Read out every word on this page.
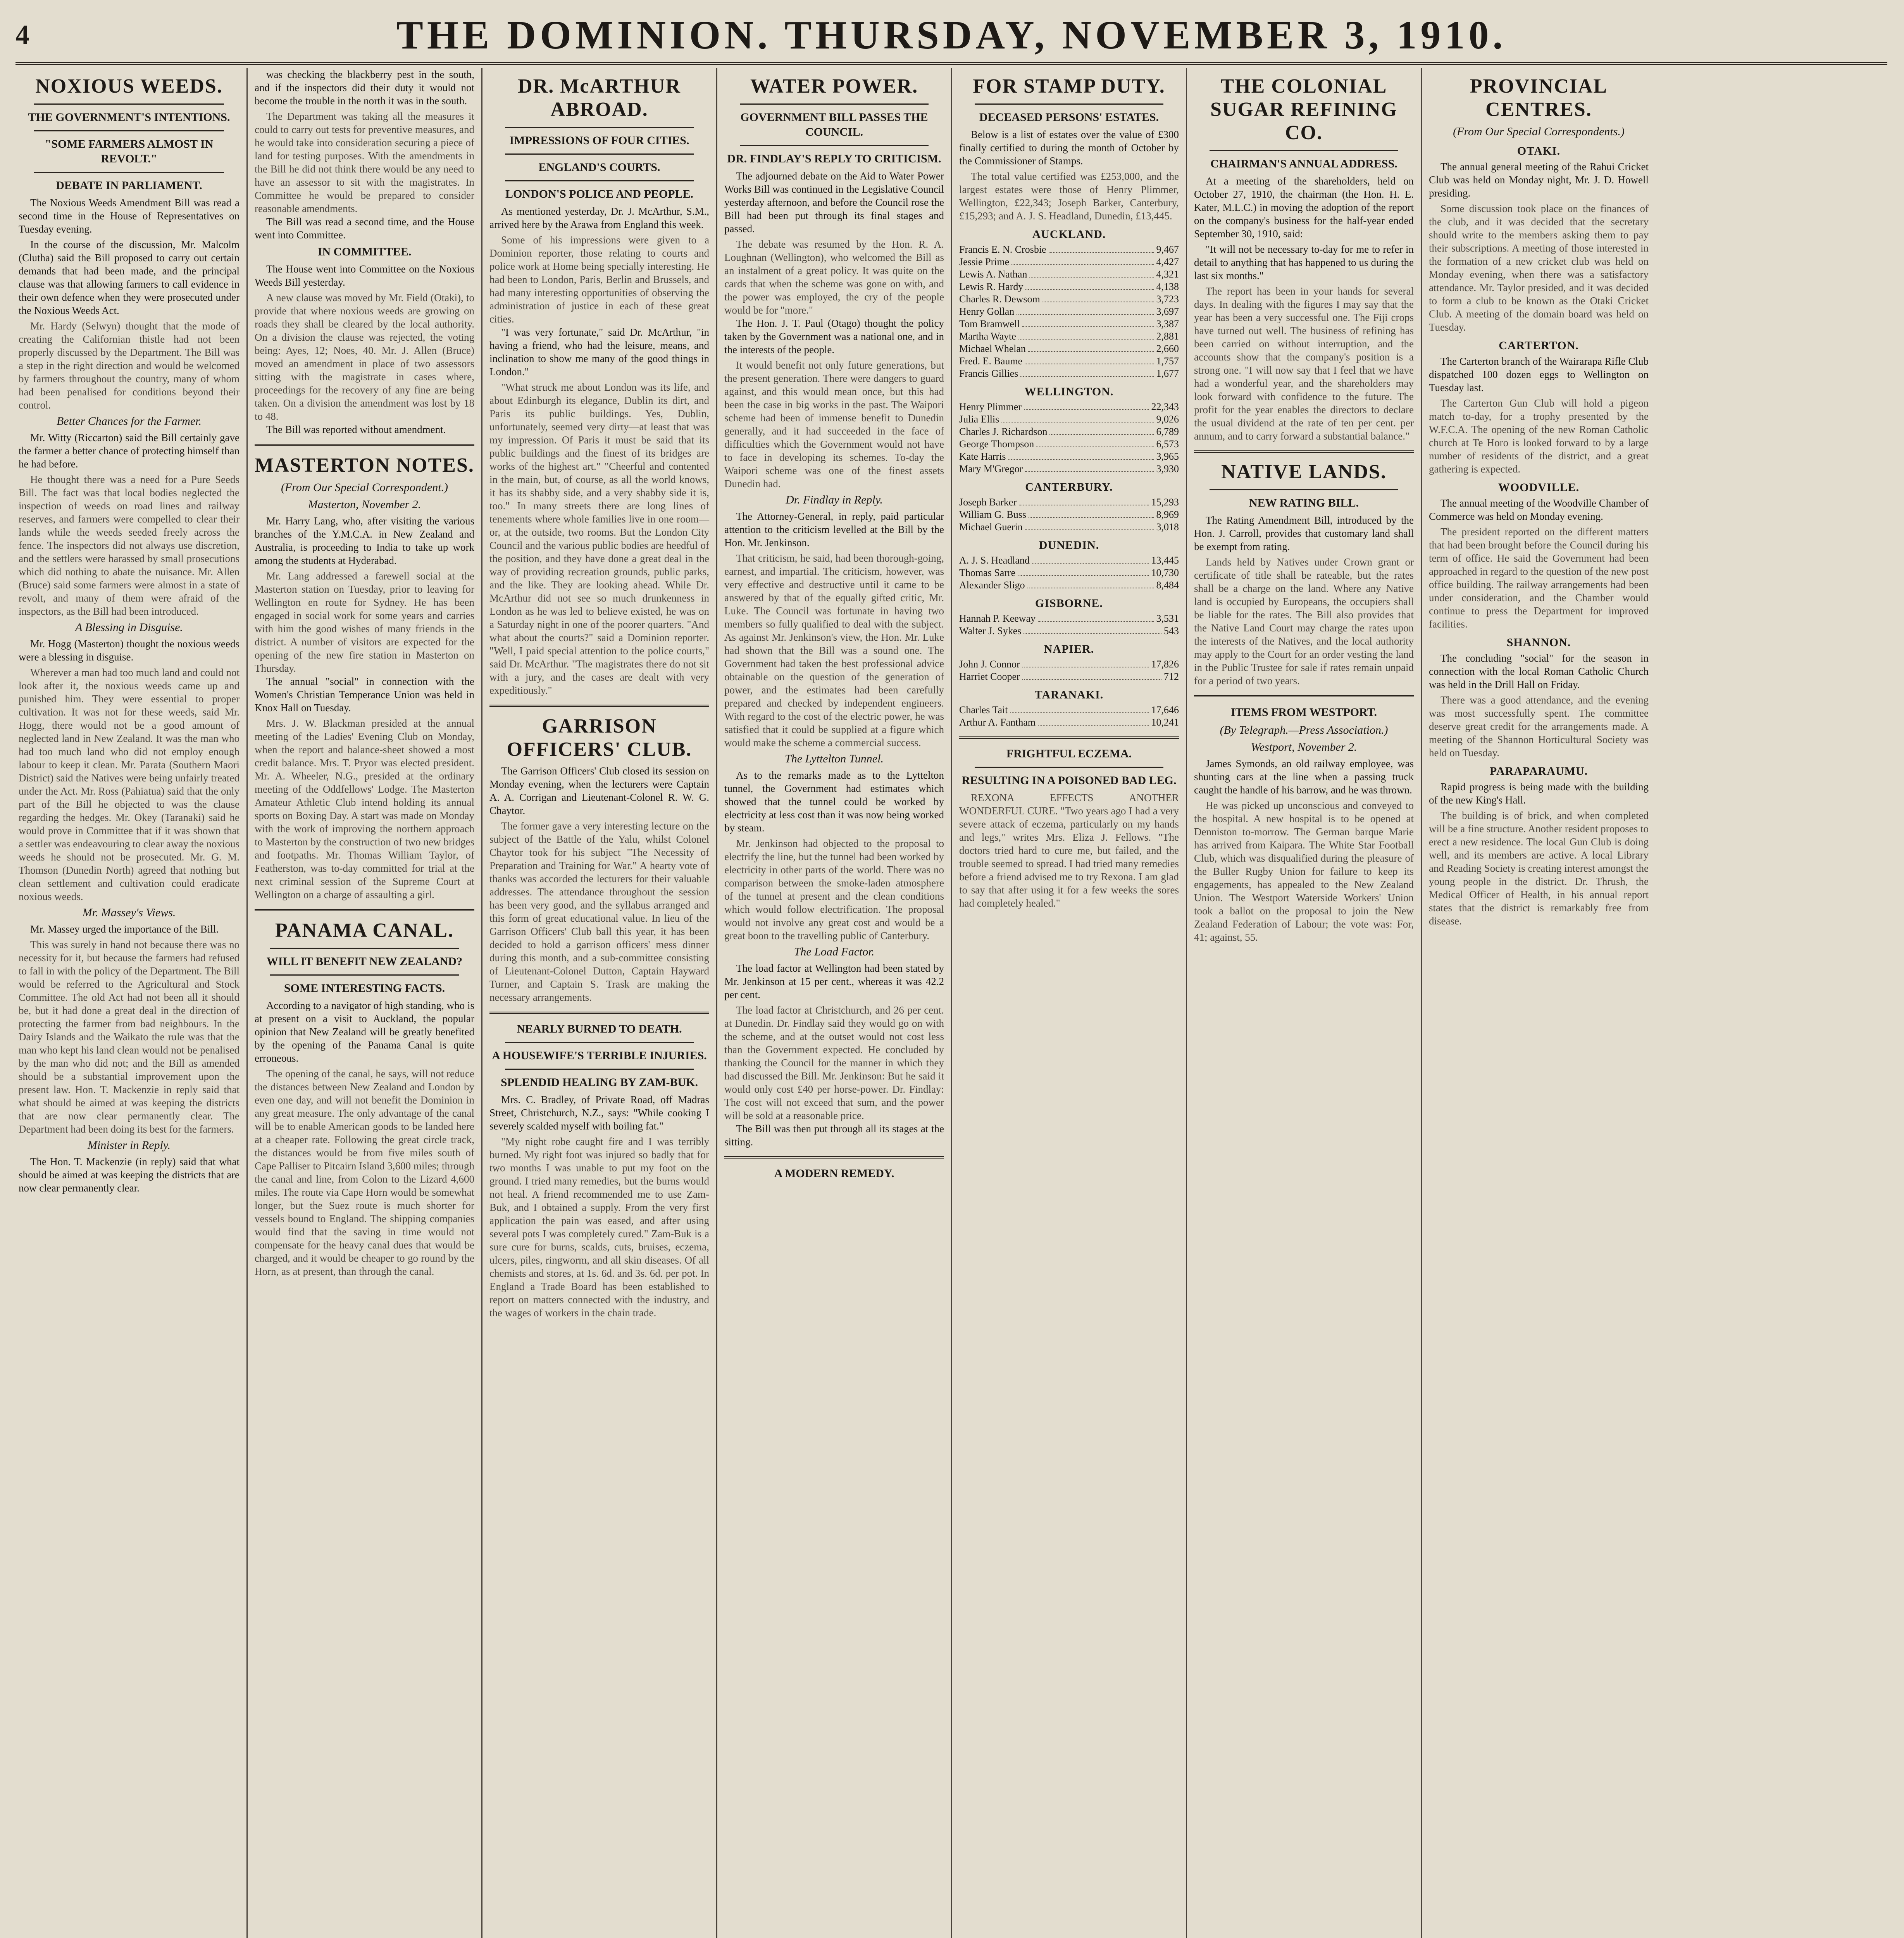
4	THE DOMINION. THURSDAY, NOVEMBER 3, 1910.
NOXIOUS WEEDS.
THE GOVERNMENT'S INTENTIONS.
"SOME FARMERS ALMOST IN REVOLT."
DEBATE IN PARLIAMENT.

The Noxious Weeds Amendment Bill was read a second time in the House of Representatives on Tuesday evening.

In the course of the discussion, Mr. Malcolm (Clutha) said the Bill proposed to carry out certain demands that had been made, and the principal clause was that allowing farmers to call evidence in their own defence when they were prosecuted under the Noxious Weeds Act.

Mr. Hardy (Selwyn) thought that the mode of creating the Californian thistle had not been properly discussed by the Department. The Bill was a step in the right direction and would be welcomed by farmers throughout the country, many of whom had been penalised for conditions beyond their control.
Better Chances for the Farmer.

Mr. Witty (Riccarton) said the Bill certainly gave the farmer a better chance of protecting himself than he had before.

He thought there was a need for a Pure Seeds Bill. The fact was that local bodies neglected the inspection of weeds on road lines and railway reserves, and farmers were compelled to clear their lands while the weeds seeded freely across the fence. The inspectors did not always use discretion, and the settlers were harassed by small prosecutions which did nothing to abate the nuisance. Mr. Allen (Bruce) said some farmers were almost in a state of revolt, and many of them were afraid of the inspectors, as the Bill had been introduced.
A Blessing in Disguise.

Mr. Hogg (Masterton) thought the noxious weeds were a blessing in disguise.

Wherever a man had too much land and could not look after it, the noxious weeds came up and punished him. They were essential to proper cultivation. It was not for these weeds, said Mr. Hogg, there would not be a good amount of neglected land in New Zealand. It was the man who had too much land who did not employ enough labour to keep it clean. Mr. Parata (Southern Maori District) said the Natives were being unfairly treated under the Act. Mr. Ross (Pahiatua) said that the only part of the Bill he objected to was the clause regarding the hedges. Mr. Okey (Taranaki) said he would prove in Committee that if it was shown that a settler was endeavouring to clear away the noxious weeds he should not be prosecuted. Mr. G. M. Thomson (Dunedin North) agreed that nothing but clean settlement and cultivation could eradicate noxious weeds.
Mr. Massey's Views.

Mr. Massey urged the importance of the Bill.

This was surely in hand not because there was no necessity for it, but because the farmers had refused to fall in with the policy of the Department. The Bill would be referred to the Agricultural and Stock Committee. The old Act had not been all it should be, but it had done a great deal in the direction of protecting the farmer from bad neighbours. In the Dairy Islands and the Waikato the rule was that the man who kept his land clean would not be penalised by the man who did not; and the Bill as amended should be a substantial improvement upon the present law. Hon. T. Mackenzie in reply said that what should be aimed at was keeping the districts that are now clear permanently clear. The Department had been doing its best for the farmers.
Minister in Reply.

The Hon. T. Mackenzie (in reply) said that what should be aimed at was keeping the districts that are now clear permanently clear.

was checking the blackberry pest in the south, and if the inspectors did their duty it would not become the trouble in the north it was in the south.

The Department was taking all the measures it could to carry out tests for preventive measures, and he would take into consideration securing a piece of land for testing purposes. With the amendments in the Bill he did not think there would be any need to have an assessor to sit with the magistrates. In Committee he would be prepared to consider reasonable amendments.

The Bill was read a second time, and the House went into Committee.

IN COMMITTEE.

The House went into Committee on the Noxious Weeds Bill yesterday.

A new clause was moved by Mr. Field (Otaki), to provide that where noxious weeds are growing on roads they shall be cleared by the local authority. On a division the clause was rejected, the voting being: Ayes, 12; Noes, 40. Mr. J. Allen (Bruce) moved an amendment in place of two assessors sitting with the magistrate in cases where, proceedings for the recovery of any fine are being taken. On a division the amendment was lost by 18 to 48.

The Bill was reported without amendment.

MASTERTON NOTES.
(From Our Special Correspondent.)
Masterton, November 2.

Mr. Harry Lang, who, after visiting the various branches of the Y.M.C.A. in New Zealand and Australia, is proceeding to India to take up work among the students at Hyderabad.

Mr. Lang addressed a farewell social at the Masterton station on Tuesday, prior to leaving for Wellington en route for Sydney. He has been engaged in social work for some years and carries with him the good wishes of many friends in the district. A number of visitors are expected for the opening of the new fire station in Masterton on Thursday.

The annual "social" in connection with the Women's Christian Temperance Union was held in Knox Hall on Tuesday.

Mrs. J. W. Blackman presided at the annual meeting of the Ladies' Evening Club on Monday, when the report and balance-sheet showed a most credit balance. Mrs. T. Pryor was elected president. Mr. A. Wheeler, N.G., presided at the ordinary meeting of the Oddfellows' Lodge. The Masterton Amateur Athletic Club intend holding its annual sports on Boxing Day. A start was made on Monday with the work of improving the northern approach to Masterton by the construction of two new bridges and footpaths. Mr. Thomas William Taylor, of Featherston, was to-day committed for trial at the next criminal session of the Supreme Court at Wellington on a charge of assaulting a girl.
PANAMA CANAL.
WILL IT BENEFIT NEW ZEALAND?
SOME INTERESTING FACTS.

According to a navigator of high standing, who is at present on a visit to Auckland, the popular opinion that New Zealand will be greatly benefited by the opening of the Panama Canal is quite erroneous.

The opening of the canal, he says, will not reduce the distances between New Zealand and London by even one day, and will not benefit the Dominion in any great measure. The only advantage of the canal will be to enable American goods to be landed here at a cheaper rate. Following the great circle track, the distances would be from five miles south of Cape Palliser to Pitcairn Island 3,600 miles; through the canal and line, from Colon to the Lizard 4,600 miles. The route via Cape Horn would be somewhat longer, but the Suez route is much shorter for vessels bound to England. The shipping companies would find that the saving in time would not compensate for the heavy canal dues that would be charged, and it would be cheaper to go round by the Horn, as at present, than through the canal.
DR. McARTHUR ABROAD.
IMPRESSIONS OF FOUR CITIES.
ENGLAND'S COURTS.
LONDON'S POLICE AND PEOPLE.

As mentioned yesterday, Dr. J. McArthur, S.M., arrived here by the Arawa from England this week.

Some of his impressions were given to a Dominion reporter, those relating to courts and police work at Home being specially interesting. He had been to London, Paris, Berlin and Brussels, and had many interesting opportunities of observing the administration of justice in each of these great cities.

"I was very fortunate," said Dr. McArthur, "in having a friend, who had the leisure, means, and inclination to show me many of the good things in London."

"What struck me about London was its life, and about Edinburgh its elegance, Dublin its dirt, and Paris its public buildings. Yes, Dublin, unfortunately, seemed very dirty—at least that was my impression. Of Paris it must be said that its public buildings and the finest of its bridges are works of the highest art." "Cheerful and contented in the main, but, of course, as all the world knows, it has its shabby side, and a very shabby side it is, too." In many streets there are long lines of tenements where whole families live in one room—or, at the outside, two rooms. But the London City Council and the various public bodies are heedful of the position, and they have done a great deal in the way of providing recreation grounds, public parks, and the like. They are looking ahead. While Dr. McArthur did not see so much drunkenness in London as he was led to believe existed, he was on a Saturday night in one of the poorer quarters. "And what about the courts?" said a Dominion reporter. "Well, I paid special attention to the police courts," said Dr. McArthur. "The magistrates there do not sit with a jury, and the cases are dealt with very expeditiously."
GARRISON OFFICERS' CLUB.

The Garrison Officers' Club closed its session on Monday evening, when the lecturers were Captain A. A. Corrigan and Lieutenant-Colonel R. W. G. Chaytor.

The former gave a very interesting lecture on the subject of the Battle of the Yalu, whilst Colonel Chaytor took for his subject "The Necessity of Preparation and Training for War." A hearty vote of thanks was accorded the lecturers for their valuable addresses. The attendance throughout the session has been very good, and the syllabus arranged and this form of great educational value. In lieu of the Garrison Officers' Club ball this year, it has been decided to hold a garrison officers' mess dinner during this month, and a sub-committee consisting of Lieutenant-Colonel Dutton, Captain Hayward Turner, and Captain S. Trask are making the necessary arrangements.
NEARLY BURNED TO DEATH.
A HOUSEWIFE'S TERRIBLE INJURIES.
SPLENDID HEALING BY ZAM-BUK.

Mrs. C. Bradley, of Private Road, off Madras Street, Christchurch, N.Z., says: "While cooking I severely scalded myself with boiling fat."

"My night robe caught fire and I was terribly burned. My right foot was injured so badly that for two months I was unable to put my foot on the ground. I tried many remedies, but the burns would not heal. A friend recommended me to use Zam-Buk, and I obtained a supply. From the very first application the pain was eased, and after using several pots I was completely cured." Zam-Buk is a sure cure for burns, scalds, cuts, bruises, eczema, ulcers, piles, ringworm, and all skin diseases. Of all chemists and stores, at 1s. 6d. and 3s. 6d. per pot. In England a Trade Board has been established to report on matters connected with the industry, and the wages of workers in the chain trade.
WATER POWER.
GOVERNMENT BILL PASSES THE COUNCIL.
DR. FINDLAY'S REPLY TO CRITICISM.

The adjourned debate on the Aid to Water Power Works Bill was continued in the Legislative Council yesterday afternoon, and before the Council rose the Bill had been put through its final stages and passed.

The debate was resumed by the Hon. R. A. Loughnan (Wellington), who welcomed the Bill as an instalment of a great policy. It was quite on the cards that when the scheme was gone on with, and the power was employed, the cry of the people would be for "more."

The Hon. J. T. Paul (Otago) thought the policy taken by the Government was a national one, and in the interests of the people.

It would benefit not only future generations, but the present generation. There were dangers to guard against, and this would mean once, but this had been the case in big works in the past. The Waipori scheme had been of immense benefit to Dunedin generally, and it had succeeded in the face of difficulties which the Government would not have to face in developing its schemes. To-day the Waipori scheme was one of the finest assets Dunedin had.
Dr. Findlay in Reply.

The Attorney-General, in reply, paid particular attention to the criticism levelled at the Bill by the Hon. Mr. Jenkinson.

That criticism, he said, had been thorough-going, earnest, and impartial. The criticism, however, was very effective and destructive until it came to be answered by that of the equally gifted critic, Mr. Luke. The Council was fortunate in having two members so fully qualified to deal with the subject. As against Mr. Jenkinson's view, the Hon. Mr. Luke had shown that the Bill was a sound one. The Government had taken the best professional advice obtainable on the question of the generation of power, and the estimates had been carefully prepared and checked by independent engineers. With regard to the cost of the electric power, he was satisfied that it could be supplied at a figure which would make the scheme a commercial success.
The Lyttelton Tunnel.

As to the remarks made as to the Lyttelton tunnel, the Government had estimates which showed that the tunnel could be worked by electricity at less cost than it was now being worked by steam.

Mr. Jenkinson had objected to the proposal to electrify the line, but the tunnel had been worked by electricity in other parts of the world. There was no comparison between the smoke-laden atmosphere of the tunnel at present and the clean conditions which would follow electrification. The proposal would not involve any great cost and would be a great boon to the travelling public of Canterbury.
The Load Factor.

The load factor at Wellington had been stated by Mr. Jenkinson at 15 per cent., whereas it was 42.2 per cent.

The load factor at Christchurch, and 26 per cent. at Dunedin. Dr. Findlay said they would go on with the scheme, and at the outset would not cost less than the Government expected. He concluded by thanking the Council for the manner in which they had discussed the Bill. Mr. Jenkinson: But he said it would only cost £40 per horse-power. Dr. Findlay: The cost will not exceed that sum, and the power will be sold at a reasonable price.

The Bill was then put through all its stages at the sitting.

A MODERN REMEDY.
FOR STAMP DUTY.
DECEASED PERSONS' ESTATES.

Below is a list of estates over the value of £300 finally certified to during the month of October by the Commissioner of Stamps.

The total value certified was £253,000, and the largest estates were those of Henry Plimmer, Wellington, £22,343; Joseph Barker, Canterbury, £15,293; and A. J. S. Headland, Dunedin, £13,445.
AUCKLAND.
Francis E. N. Crosbie	9,467
Jessie Prime	4,427
Lewis A. Nathan	4,321
Lewis R. Hardy	4,138
Charles R. Dewsom	3,723
Henry Gollan	3,697
Tom Bramwell	3,387
Martha Wayte	2,881
Michael Whelan	2,660
Fred. E. Baume	1,757
Francis Gillies	1,677
WELLINGTON.
Henry Plimmer	22,343
Julia Ellis	9,026
Charles J. Richardson	6,789
George Thompson	6,573
Kate Harris	3,965
Mary M'Gregor	3,930
CANTERBURY.
Joseph Barker	15,293
William G. Buss	8,969
Michael Guerin	3,018
DUNEDIN.
A. J. S. Headland	13,445
Thomas Sarre	10,730
Alexander Sligo	8,484
GISBORNE.
Hannah P. Keeway	3,531
Walter J. Sykes	543
NAPIER.
John J. Connor	17,826
Harriet Cooper	712
TARANAKI.
Charles Tait	17,646
Arthur A. Fantham	10,241
FRIGHTFUL ECZEMA.
RESULTING IN A POISONED BAD LEG.
REXONA EFFECTS ANOTHER WONDERFUL CURE. "Two years ago I had a very severe attack of eczema, particularly on my hands and legs," writes Mrs. Eliza J. Fellows. "The doctors tried hard to cure me, but failed, and the trouble seemed to spread. I had tried many remedies before a friend advised me to try Rexona. I am glad to say that after using it for a few weeks the sores had completely healed."
THE COLONIAL SUGAR REFINING CO.
CHAIRMAN'S ANNUAL ADDRESS.

At a meeting of the shareholders, held on October 27, 1910, the chairman (the Hon. H. E. Kater, M.L.C.) in moving the adoption of the report on the company's business for the half-year ended September 30, 1910, said:

"It will not be necessary to-day for me to refer in detail to anything that has happened to us during the last six months."

The report has been in your hands for several days. In dealing with the figures I may say that the year has been a very successful one. The Fiji crops have turned out well. The business of refining has been carried on without interruption, and the accounts show that the company's position is a strong one. "I will now say that I feel that we have had a wonderful year, and the shareholders may look forward with confidence to the future. The profit for the year enables the directors to declare the usual dividend at the rate of ten per cent. per annum, and to carry forward a substantial balance."
NATIVE LANDS.
NEW RATING BILL.

The Rating Amendment Bill, introduced by the Hon. J. Carroll, provides that customary land shall be exempt from rating.

Lands held by Natives under Crown grant or certificate of title shall be rateable, but the rates shall be a charge on the land. Where any Native land is occupied by Europeans, the occupiers shall be liable for the rates. The Bill also provides that the Native Land Court may charge the rates upon the interests of the Natives, and the local authority may apply to the Court for an order vesting the land in the Public Trustee for sale if rates remain unpaid for a period of two years.
ITEMS FROM WESTPORT.
(By Telegraph.—Press Association.)
Westport, November 2.

James Symonds, an old railway employee, was shunting cars at the line when a passing truck caught the handle of his barrow, and he was thrown.

He was picked up unconscious and conveyed to the hospital. A new hospital is to be opened at Denniston to-morrow. The German barque Marie has arrived from Kaipara. The White Star Football Club, which was disqualified during the pleasure of the Buller Rugby Union for failure to keep its engagements, has appealed to the New Zealand Union. The Westport Waterside Workers' Union took a ballot on the proposal to join the New Zealand Federation of Labour; the vote was: For, 41; against, 55.
PROVINCIAL CENTRES.
(From Our Special Correspondents.)
OTAKI.

The annual general meeting of the Rahui Cricket Club was held on Monday night, Mr. J. D. Howell presiding.

Some discussion took place on the finances of the club, and it was decided that the secretary should write to the members asking them to pay their subscriptions. A meeting of those interested in the formation of a new cricket club was held on Monday evening, when there was a satisfactory attendance. Mr. Taylor presided, and it was decided to form a club to be known as the Otaki Cricket Club. A meeting of the domain board was held on Tuesday.
CARTERTON.

The Carterton branch of the Wairarapa Rifle Club dispatched 100 dozen eggs to Wellington on Tuesday last.

The Carterton Gun Club will hold a pigeon match to-day, for a trophy presented by the W.F.C.A. The opening of the new Roman Catholic church at Te Horo is looked forward to by a large number of residents of the district, and a great gathering is expected.
WOODVILLE.

The annual meeting of the Woodville Chamber of Commerce was held on Monday evening.

The president reported on the different matters that had been brought before the Council during his term of office. He said the Government had been approached in regard to the question of the new post office building. The railway arrangements had been under consideration, and the Chamber would continue to press the Department for improved facilities.
SHANNON.

The concluding "social" for the season in connection with the local Roman Catholic Church was held in the Drill Hall on Friday.

There was a good attendance, and the evening was most successfully spent. The committee deserve great credit for the arrangements made. A meeting of the Shannon Horticultural Society was held on Tuesday.
PARAPARAUMU.

Rapid progress is being made with the building of the new King's Hall.

The building is of brick, and when completed will be a fine structure. Another resident proposes to erect a new residence. The local Gun Club is doing well, and its members are active. A local Library and Reading Society is creating interest amongst the young people in the district. Dr. Thrush, the Medical Officer of Health, in his annual report states that the district is remarkably free from disease.
